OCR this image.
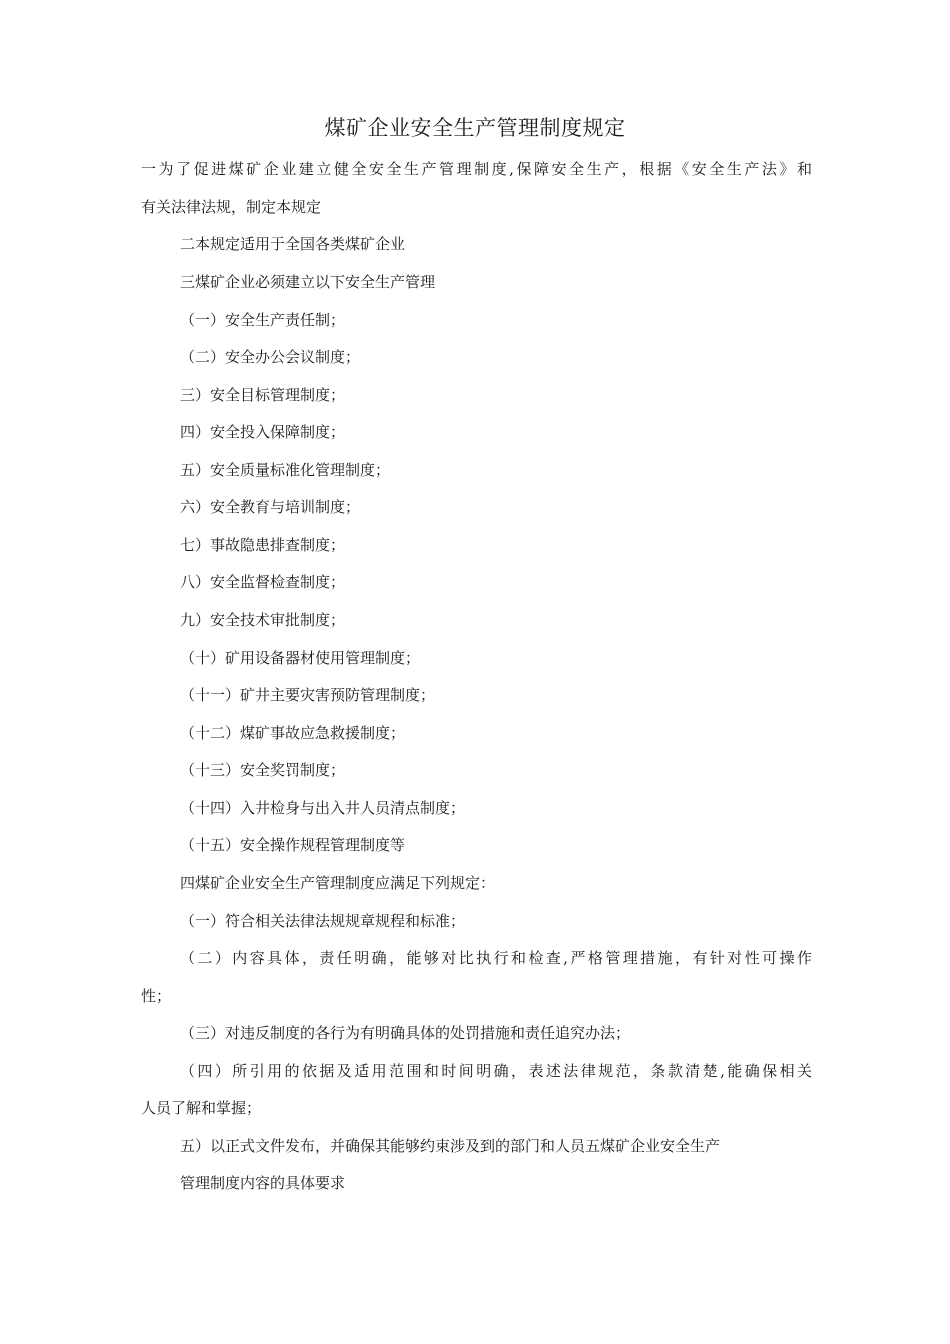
煤矿企业安全生产管理制度规定
一为了促进煤矿企业建立健全安全生产管理制度,保障安全生产，根据《安全生产法》和
有关法律法规，制定本规定
二本规定适用于全国各类煤矿企业
三煤矿企业必须建立以下安全生产管理
（一）安全生产责任制；
（二）安全办公会议制度；
三）安全目标管理制度；
四）安全投入保障制度；
五）安全质量标准化管理制度；
六）安全教育与培训制度；
七）事故隐患排查制度；
八）安全监督检查制度；
九）安全技术审批制度；
（十）矿用设备器材使用管理制度；
（十一）矿井主要灾害预防管理制度；
（十二）煤矿事故应急救援制度；
（十三）安全奖罚制度；
（十四）入井检身与出入井人员清点制度；
（十五）安全操作规程管理制度等
四煤矿企业安全生产管理制度应满足下列规定：
（一）符合相关法律法规规章规程和标准；
（二）内容具体，责任明确，能够对比执行和检查,严格管理措施，有针对性可操作
性；
（三）对违反制度的各行为有明确具体的处罚措施和责任追究办法；
（四）所引用的依据及适用范围和时间明确，表述法律规范，条款清楚,能确保相关
人员了解和掌握；
五）以正式文件发布，并确保其能够约束涉及到的部门和人员五煤矿企业安全生产
管理制度内容的具体要求
